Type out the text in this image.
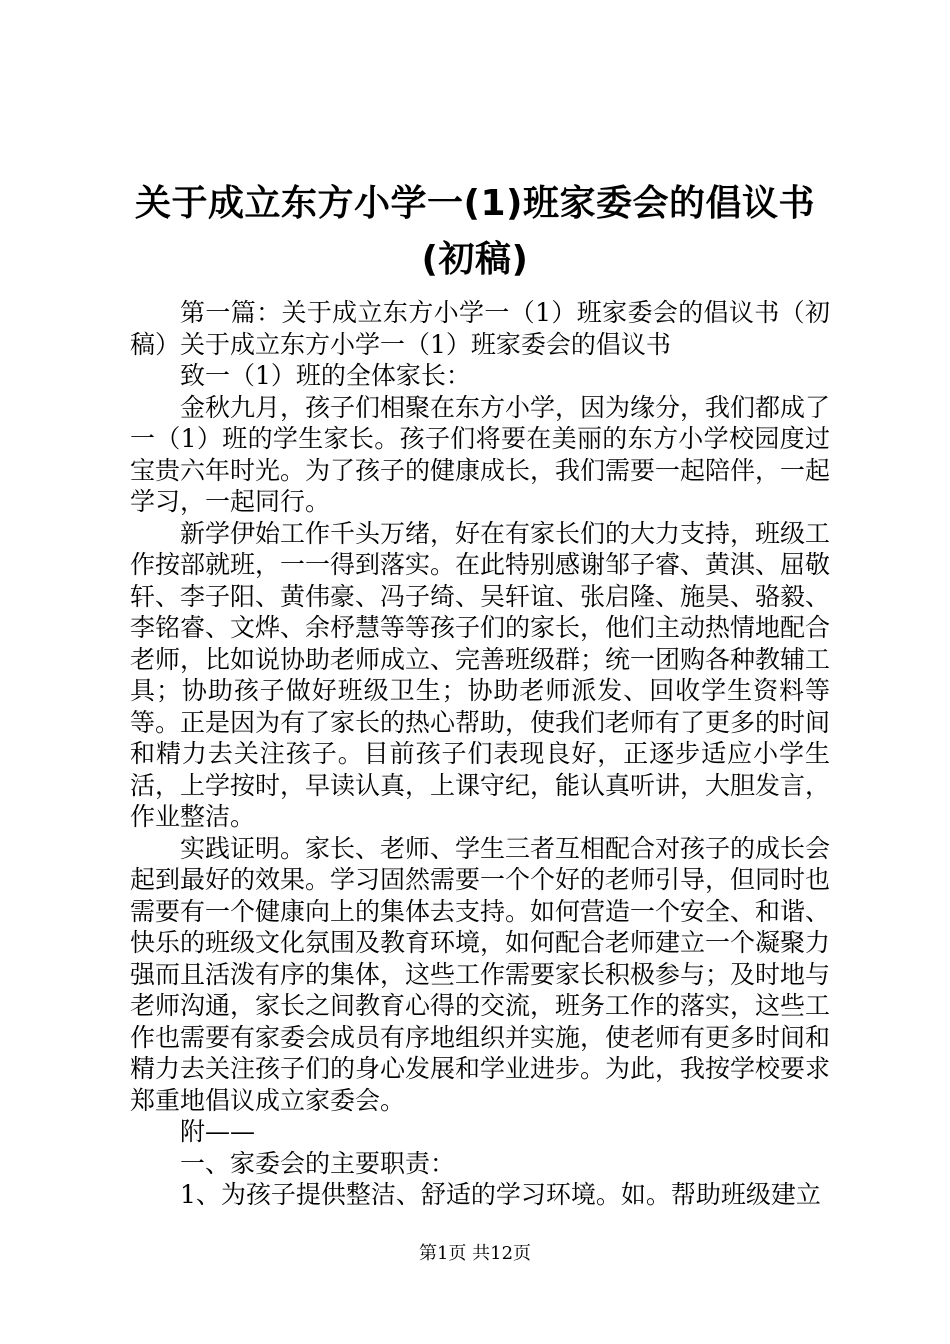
关于成立东方小学一(1)班家委会的倡议书(初稿)

第一篇：关于成立东方小学一（1）班家委会的倡议书（初稿）关于成立东方小学一（1）班家委会的倡议书

致一（1）班的全体家长：

金秋九月，孩子们相聚在东方小学，因为缘分，我们都成了一（1）班的学生家长。孩子们将要在美丽的东方小学校园度过宝贵六年时光。为了孩子的健康成长，我们需要一起陪伴，一起学习，一起同行。

新学伊始工作千头万绪，好在有家长们的大力支持，班级工作按部就班，一一得到落实。在此特别感谢邹子睿、黄淇、屈敬轩、李子阳、黄伟豪、冯子绮、吴轩谊、张启隆、施昊、骆毅、李铭睿、文烨、余杼慧等等孩子们的家长，他们主动热情地配合老师，比如说协助老师成立、完善班级群；统一团购各种教辅工具；协助孩子做好班级卫生；协助老师派发、回收学生资料等等。正是因为有了家长的热心帮助，使我们老师有了更多的时间和精力去关注孩子。目前孩子们表现良好，正逐步适应小学生活，上学按时，早读认真，上课守纪，能认真听讲，大胆发言，作业整洁。

实践证明。家长、老师、学生三者互相配合对孩子的成长会起到最好的效果。学习固然需要一个个好的老师引导，但同时也需要有一个健康向上的集体去支持。如何营造一个安全、和谐、快乐的班级文化氛围及教育环境，如何配合老师建立一个凝聚力强而且活泼有序的集体，这些工作需要家长积极参与；及时地与老师沟通，家长之间教育心得的交流，班务工作的落实，这些工作也需要有家委会成员有序地组织并实施，使老师有更多时间和精力去关注孩子们的身心发展和学业进步。为此，我按学校要求郑重地倡议成立家委会。

附——

一、家委会的主要职责：

1、为孩子提供整洁、舒适的学习环境。如。帮助班级建立

第1页 共12页
